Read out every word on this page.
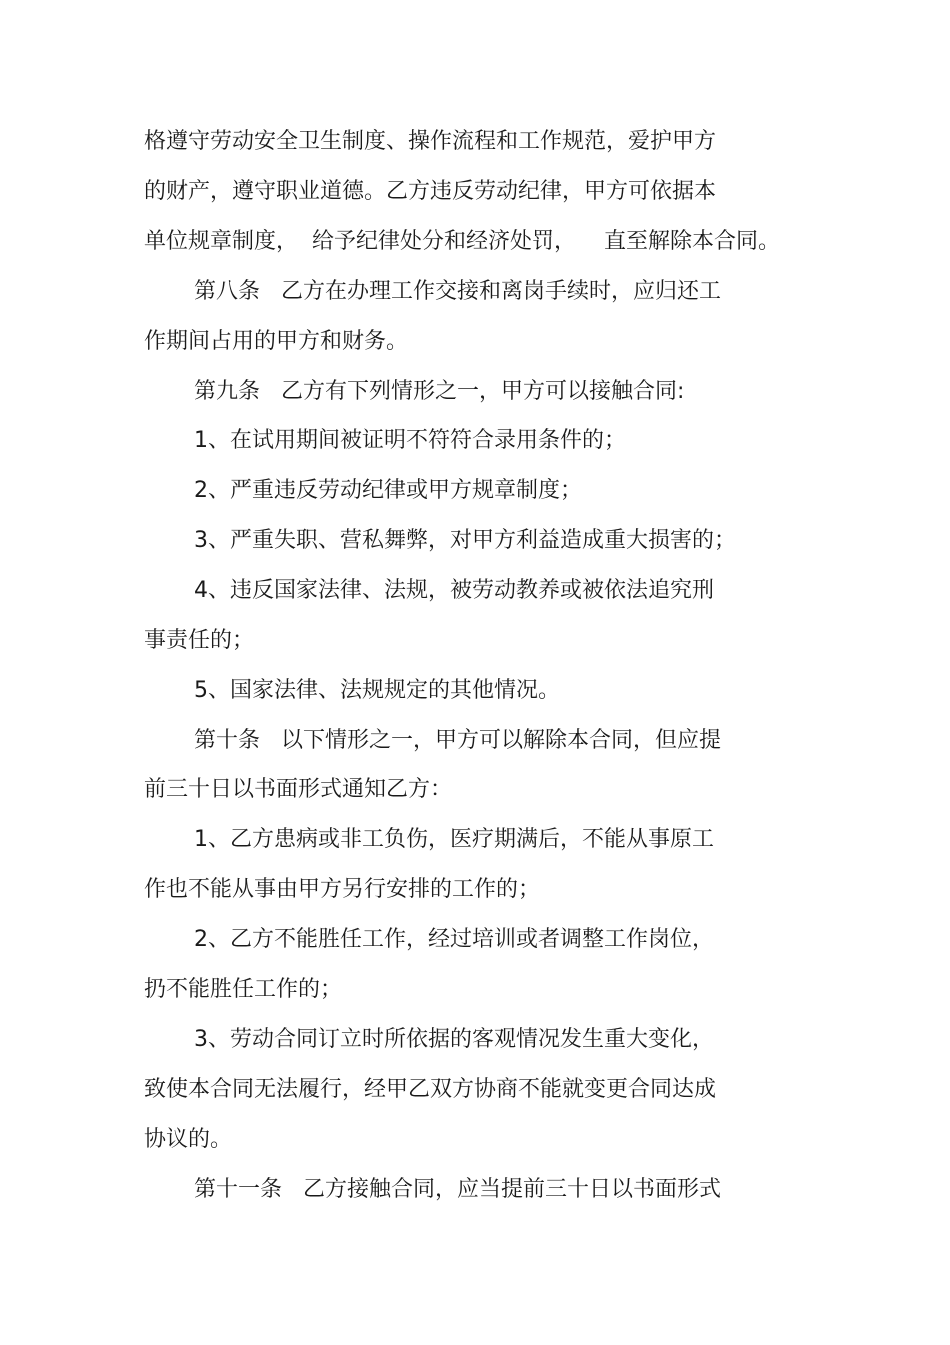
格遵守劳动安全卫生制度、操作流程和工作规范，爱护甲方

的财产，遵守职业道德。乙方违反劳动纪律，甲方可依据本

单位规章制度，  给予纪律处分和经济处罚，    直至解除本合同。

第八条   乙方在办理工作交接和离岗手续时，应归还工

作期间占用的甲方和财务。

第九条   乙方有下列情形之一，甲方可以接触合同:

1、在试用期间被证明不符符合录用条件的；

2、严重违反劳动纪律或甲方规章制度；

3、严重失职、营私舞弊，对甲方利益造成重大损害的；

4、违反国家法律、法规，被劳动教养或被依法追究刑

事责任的；

5、国家法律、法规规定的其他情况。

第十条   以下情形之一，甲方可以解除本合同，但应提

前三十日以书面形式通知乙方：

1、乙方患病或非工负伤，医疗期满后，不能从事原工

作也不能从事由甲方另行安排的工作的；

2、乙方不能胜任工作，经过培训或者调整工作岗位，

扔不能胜任工作的；

3、劳动合同订立时所依据的客观情况发生重大变化，

致使本合同无法履行，经甲乙双方协商不能就变更合同达成

协议的。

第十一条   乙方接触合同，应当提前三十日以书面形式
